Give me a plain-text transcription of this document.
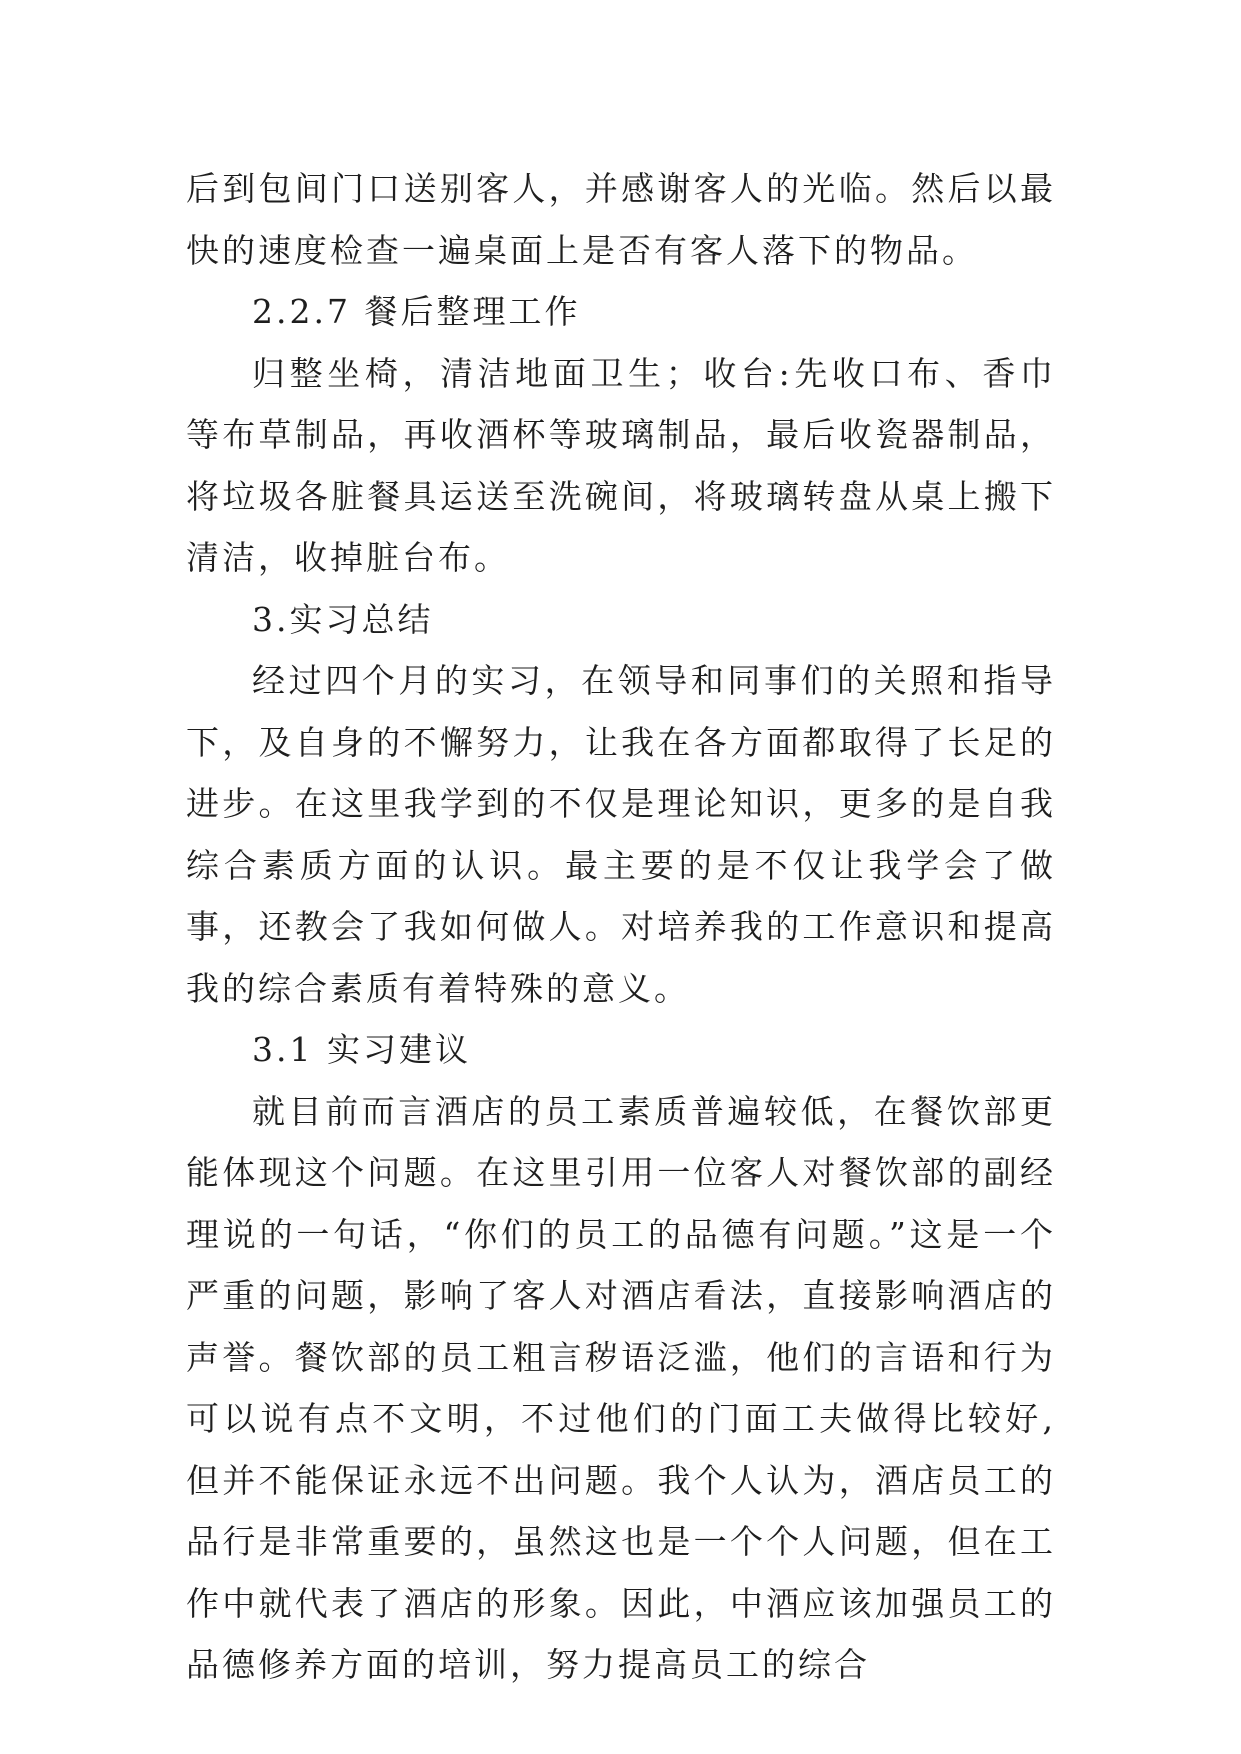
后到包间门口送别客人，并感谢客人的光临。然后以最快的速度检查一遍桌面上是否有客人落下的物品。

2.2.7 餐后整理工作

归整坐椅，清洁地面卫生；收台:先收口布、香巾等布草制品，再收酒杯等玻璃制品，最后收瓷器制品，将垃圾各脏餐具运送至洗碗间，将玻璃转盘从桌上搬下清洁，收掉脏台布。

3.实习总结

经过四个月的实习，在领导和同事们的关照和指导下，及自身的不懈努力，让我在各方面都取得了长足的进步。在这里我学到的不仅是理论知识，更多的是自我综合素质方面的认识。最主要的是不仅让我学会了做事，还教会了我如何做人。对培养我的工作意识和提高我的综合素质有着特殊的意义。

3.1 实习建议

就目前而言酒店的员工素质普遍较低，在餐饮部更能体现这个问题。在这里引用一位客人对餐饮部的副经理说的一句话，“你们的员工的品德有问题。”这是一个严重的问题，影响了客人对酒店看法，直接影响酒店的声誉。餐饮部的员工粗言秽语泛滥，他们的言语和行为可以说有点不文明，不过他们的门面工夫做得比较好,但并不能保证永远不出问题。我个人认为，酒店员工的品行是非常重要的，虽然这也是一个个人问题，但在工作中就代表了酒店的形象。因此，中酒应该加强员工的品德修养方面的培训，努力提高员工的综合
